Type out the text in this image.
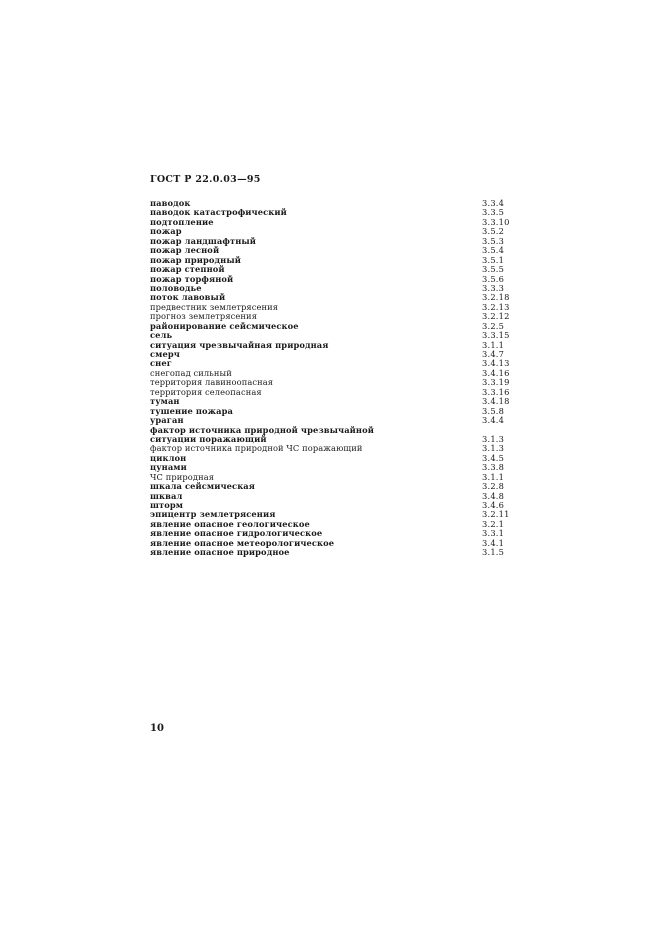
ГОСТ Р 22.0.03—95
паводок	3.3.4
паводок катастрофический	3.3.5
подтопление	3.3.10
пожар	3.5.2
пожар ландшафтный	3.5.3
пожар лесной	3.5.4
пожар природный	3.5.1
пожар степной	3.5.5
пожар торфяной	3.5.6
половодье	3.3.3
поток лавовый	3.2.18
предвестник землетрясения	3.2.13
прогноз землетрясения	3.2.12
районирование сейсмическое	3.2.5
сель	3.3.15
ситуация чрезвычайная природная	3.1.1
смерч	3.4.7
снег	3.4.13
снегопад сильный	3.4.16
территория лавиноопасная	3.3.19
территория селеопасная	3.3.16
туман	3.4.18
тушение пожара	3.5.8
ураган	3.4.4
фактор источника природной чрезвычайной
ситуации поражающий	3.1.3
фактор источника природной ЧС поражающий	3.1.3
циклон	3.4.5
цунами	3.3.8
ЧС природная	3.1.1
шкала сейсмическая	3.2.8
шквал	3.4.8
шторм	3.4.6
эпицентр землетрясения	3.2.11
явление опасное геологическое	3.2.1
явление опасное гидрологическое	3.3.1
явление опасное метеорологическое	3.4.1
явление опасное природное	3.1.5
10
